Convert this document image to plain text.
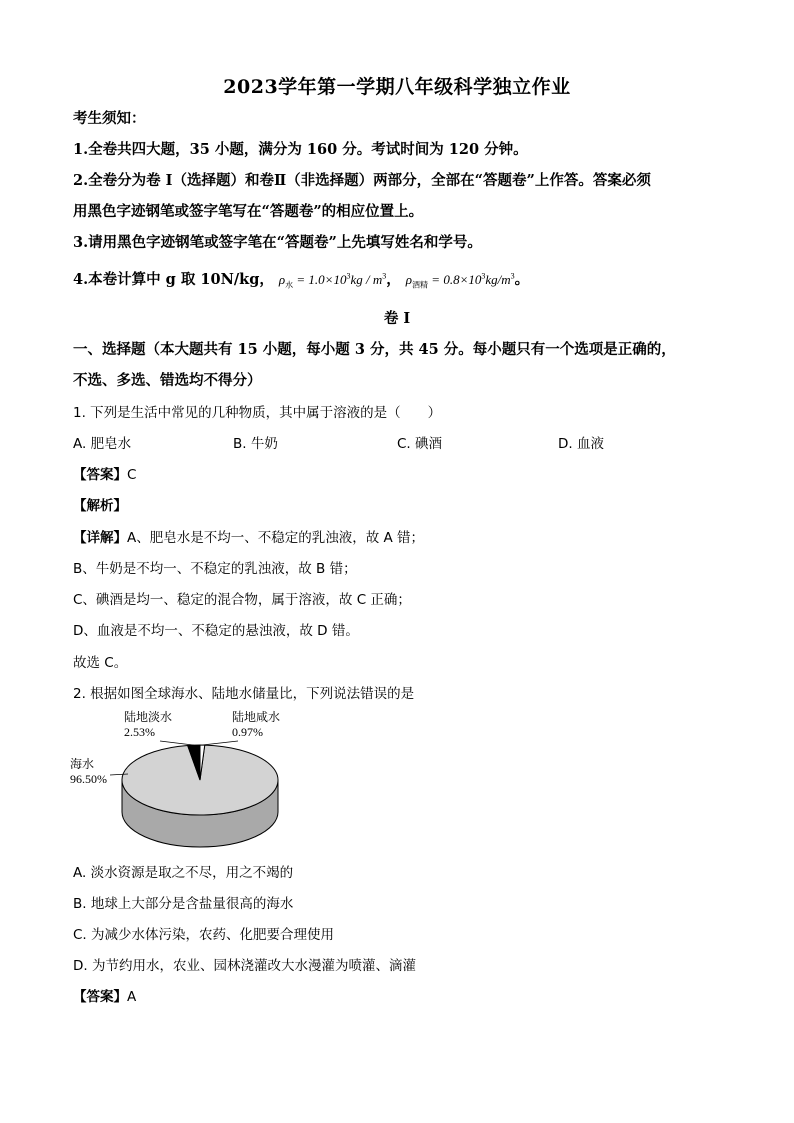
2023学年第一学期八年级科学独立作业
考生须知：
1.全卷共四大题，35 小题，满分为 160 分。考试时间为 120 分钟。
2.全卷分为卷 I（选择题）和卷Ⅱ（非选择题）两部分，全部在“答题卷”上作答。答案必须
用黑色字迹钢笔或签字笔写在“答题卷”的相应位置上。
3.请用黑色字迹钢笔或签字笔在“答题卷”上先填写姓名和学号。
4.本卷计算中 g 取 10N/kg， $\rho_水 = 1.0\times 10^3kg / m^3$， $\rho_{酒精} = 0.8\times 10^3kg/m^3$。
卷 I
一、选择题（本大题共有 15 小题，每小题 3 分，共 45 分。每小题只有一个选项是正确的，
不选、多选、错选均不得分）
1. 下列是生活中常见的几种物质，其中属于溶液的是（　　）
A. 肥皂水	B. 牛奶	C. 碘酒	D. 血液
【答案】C
【解析】
【详解】A、肥皂水是不均一、不稳定的乳浊液，故 A 错；
B、牛奶是不均一、不稳定的乳浊液，故 B 错；
C、碘酒是均一、稳定的混合物，属于溶液，故 C 正确；
D、血液是不均一、不稳定的悬浊液，故 D 错。
故选 C。
2. 根据如图全球海水、陆地水储量比，下列说法错误的是
陆地淡水
2.53%
陆地咸水
0.97%
海水
96.50%
A. 淡水资源是取之不尽，用之不竭的
B. 地球上大部分是含盐量很高的海水
C. 为减少水体污染，农药、化肥要合理使用
D. 为节约用水，农业、园林浇灌改大水漫灌为喷灌、滴灌
【答案】A
